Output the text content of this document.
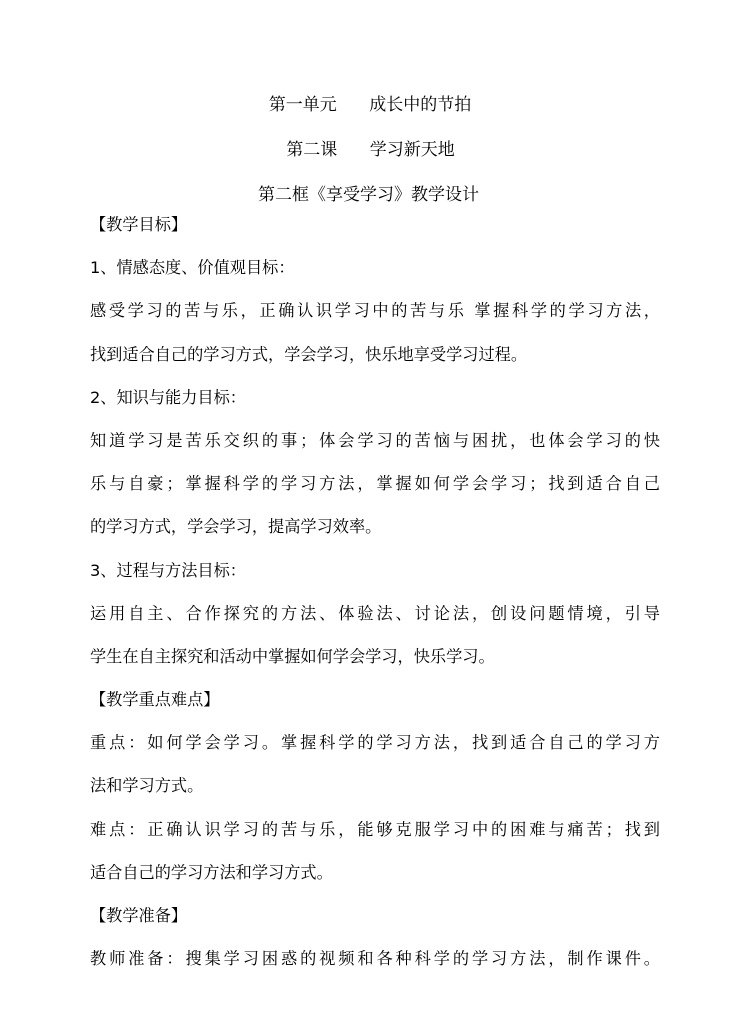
第一单元      成长中的节拍
第二课      学习新天地
第二框《享受学习》教学设计
【教学目标】
1、情感态度、价值观目标：
感受学习的苦与乐，正确认识学习中的苦与乐 掌握科学的学习方法，
找到适合自己的学习方式，学会学习，快乐地享受学习过程。
2、知识与能力目标：
知道学习是苦乐交织的事；体会学习的苦恼与困扰，也体会学习的快
乐与自豪；掌握科学的学习方法，掌握如何学会学习；找到适合自己
的学习方式，学会学习，提高学习效率。
3、过程与方法目标：
运用自主、合作探究的方法、体验法、讨论法，创设问题情境，引导
学生在自主探究和活动中掌握如何学会学习，快乐学习。
【教学重点难点】
重点：如何学会学习。掌握科学的学习方法，找到适合自己的学习方
法和学习方式。
难点：正确认识学习的苦与乐，能够克服学习中的困难与痛苦；找到
适合自己的学习方法和学习方式。
【教学准备】
教师准备：搜集学习困惑的视频和各种科学的学习方法，制作课件。
